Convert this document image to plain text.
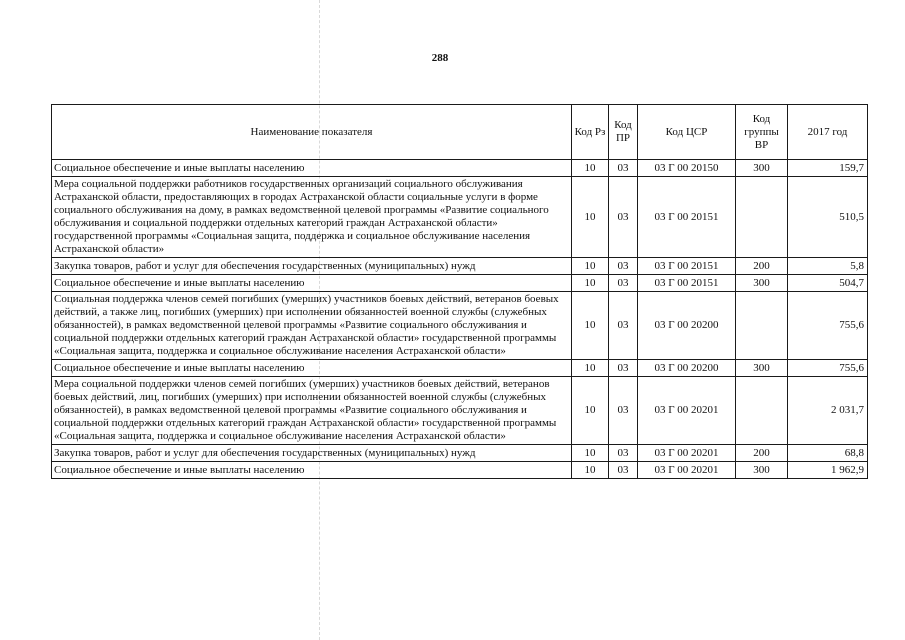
288
Наименование показателя	Код Рз	Код ПР	Код ЦСР	Код группы ВР	2017 год
Социальное обеспечение и иные выплаты населению	10	03	03 Г 00 20150	300	159,7
Мера социальной поддержки работников государственных организаций социального обслуживания Астраханской области, предоставляющих в городах Астраханской области социальные услуги в форме социального обслуживания на дому, в рамках ведомственной целевой программы «Развитие социального обслуживания и социальной поддержки отдельных категорий граждан Астраханской области» государственной программы «Социальная защита, поддержка и социальное обслуживание населения Астраханской области»	10	03	03 Г 00 20151		510,5
Закупка товаров, работ и услуг для обеспечения государственных (муниципальных) нужд	10	03	03 Г 00 20151	200	5,8
Социальное обеспечение и иные выплаты населению	10	03	03 Г 00 20151	300	504,7
Социальная поддержка членов семей погибших (умерших) участников боевых действий, ветеранов боевых действий, а также лиц, погибших (умерших) при исполнении обязанностей военной службы (служебных обязанностей), в рамках ведомственной целевой программы «Развитие социального обслуживания и социальной поддержки отдельных категорий граждан Астраханской области» государственной программы «Социальная защита, поддержка и социальное обслуживание населения Астраханской области»	10	03	03 Г 00 20200		755,6
Социальное обеспечение и иные выплаты населению	10	03	03 Г 00 20200	300	755,6
Мера социальной поддержки членов семей погибших (умерших) участников боевых действий, ветеранов боевых действий, лиц, погибших (умерших) при исполнении обязанностей военной службы (служебных обязанностей), в рамках ведомственной целевой программы «Развитие социального обслуживания и социальной поддержки отдельных категорий граждан Астраханской области» государственной программы «Социальная защита, поддержка и социальное обслуживание населения Астраханской области»	10	03	03 Г 00 20201		2 031,7
Закупка товаров, работ и услуг для обеспечения государственных (муниципальных) нужд	10	03	03 Г 00 20201	200	68,8
Социальное обеспечение и иные выплаты населению	10	03	03 Г 00 20201	300	1 962,9
